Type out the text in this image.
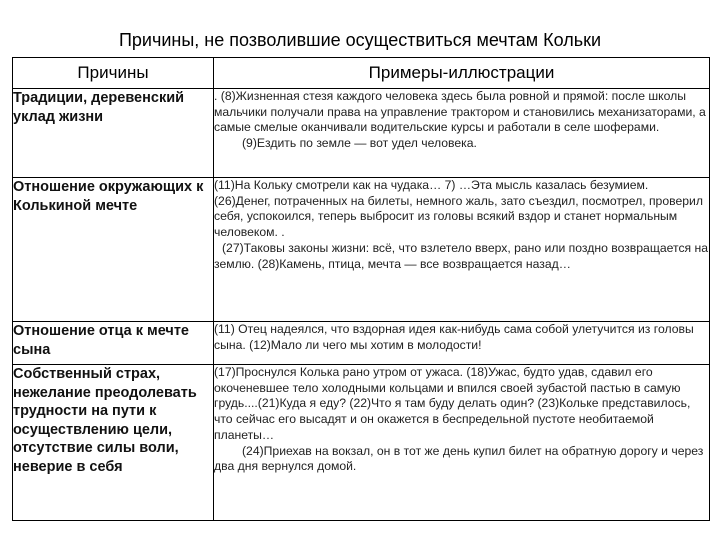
Причины, не позволившие осуществиться мечтам Кольки
Причины	Примеры-иллюстрации
Традиции, деревенский уклад жизни	. (8)Жизненная стезя каждого человека здесь была ровной и прямой: после школы мальчики получали права на управление трактором и становились механизаторами, а самые смелые оканчивали водительские курсы и работали в селе шоферами.

(9)Ездить по земле — вот удел человека.

Отношение окружающих к Колькиной мечте	(11)На Кольку смотрели как на чудака… 7) …Эта мысль казалась безумием.

(26)Денег, потраченных на билеты, немного жаль, зато съездил, посмотрел, проверил себя, успокоился, теперь выбросит из головы всякий вздор и станет нормальным человеком. .

(27)Таковы законы жизни: всё, что взлетело вверх, рано или поздно возвращается на землю. (28)Камень, птица, мечта — все возвращается назад…

Отношение отца к мечте сына	(11) Отец надеялся, что вздорная идея как-нибудь сама собой улетучится из головы сына. (12)Мало ли чего мы хотим в молодости!

Собственный страх, нежелание преодолевать трудности на пути к осуществлению цели, отсутствие силы воли, неверие в себя	(17)Проснулся Колька рано утром от ужаса. (18)Ужас, будто удав, сдавил его окоченевшее тело холодными кольцами и впился своей зубастой пастью в самую грудь....(21)Куда я еду? (22)Что я там буду делать один? (23)Кольке представилось, что сейчас его высадят и он окажется в беспредельной пустоте необитаемой планеты…

(24)Приехав на вокзал, он в тот же день купил билет на обратную дорогу и через два дня вернулся домой.
